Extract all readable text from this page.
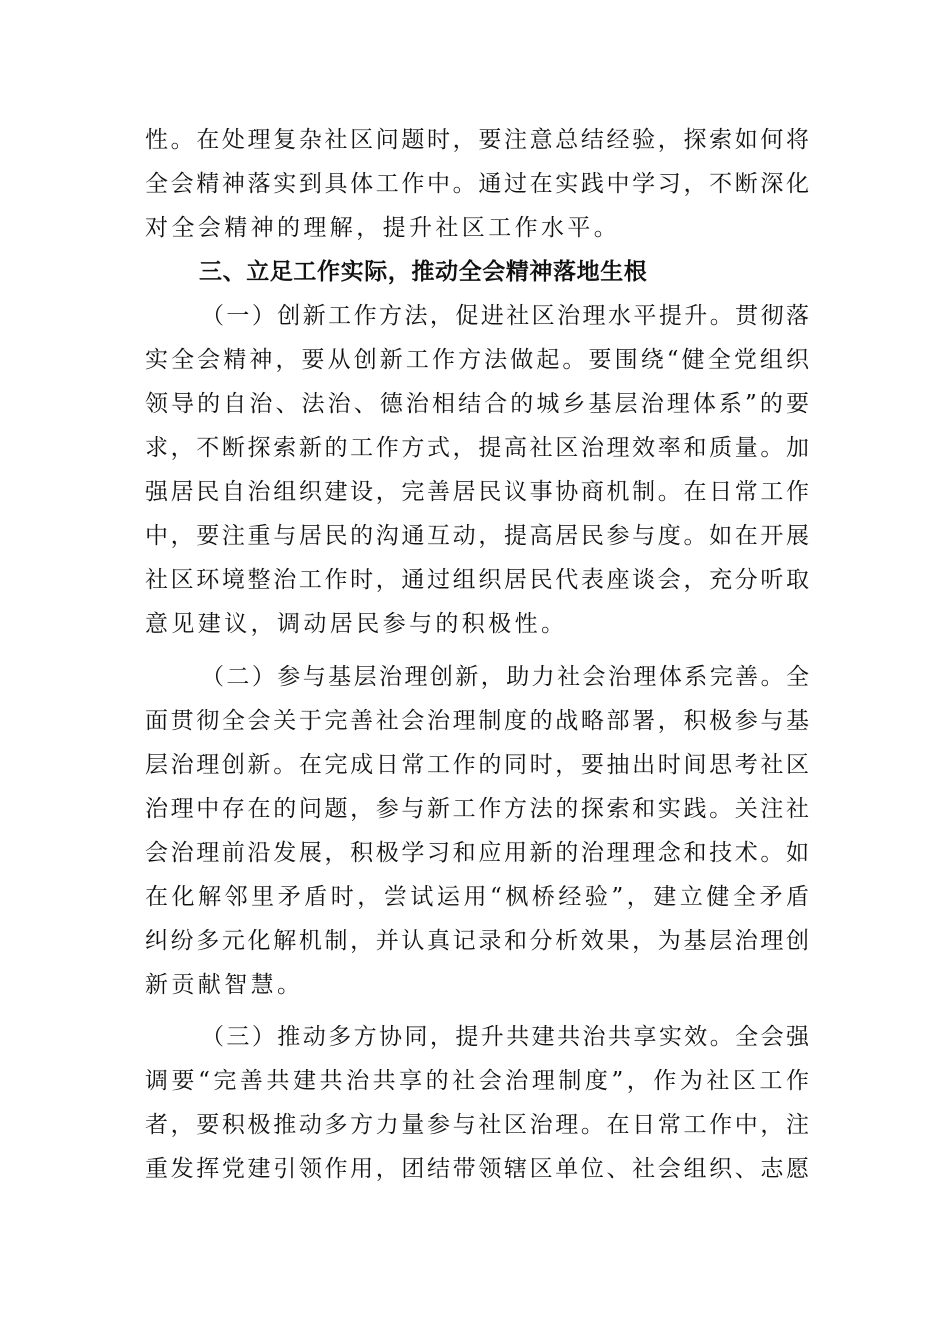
性。在处理复杂社区问题时，要注意总结经验，探索如何将
全会精神落实到具体工作中。通过在实践中学习，不断深化
对全会精神的理解，提升社区工作水平。
三、立足工作实际，推动全会精神落地生根
（一）创新工作方法，促进社区治理水平提升。贯彻落
实全会精神，要从创新工作方法做起。要围绕“健全党组织
领导的自治、法治、德治相结合的城乡基层治理体系”的要
求，不断探索新的工作方式，提高社区治理效率和质量。加
强居民自治组织建设，完善居民议事协商机制。在日常工作
中，要注重与居民的沟通互动，提高居民参与度。如在开展
社区环境整治工作时，通过组织居民代表座谈会，充分听取
意见建议，调动居民参与的积极性。
（二）参与基层治理创新，助力社会治理体系完善。全
面贯彻全会关于完善社会治理制度的战略部署，积极参与基
层治理创新。在完成日常工作的同时，要抽出时间思考社区
治理中存在的问题，参与新工作方法的探索和实践。关注社
会治理前沿发展，积极学习和应用新的治理理念和技术。如
在化解邻里矛盾时，尝试运用“枫桥经验”，建立健全矛盾
纠纷多元化解机制，并认真记录和分析效果，为基层治理创
新贡献智慧。
（三）推动多方协同，提升共建共治共享实效。全会强
调要“完善共建共治共享的社会治理制度”，作为社区工作
者，要积极推动多方力量参与社区治理。在日常工作中，注
重发挥党建引领作用，团结带领辖区单位、社会组织、志愿
